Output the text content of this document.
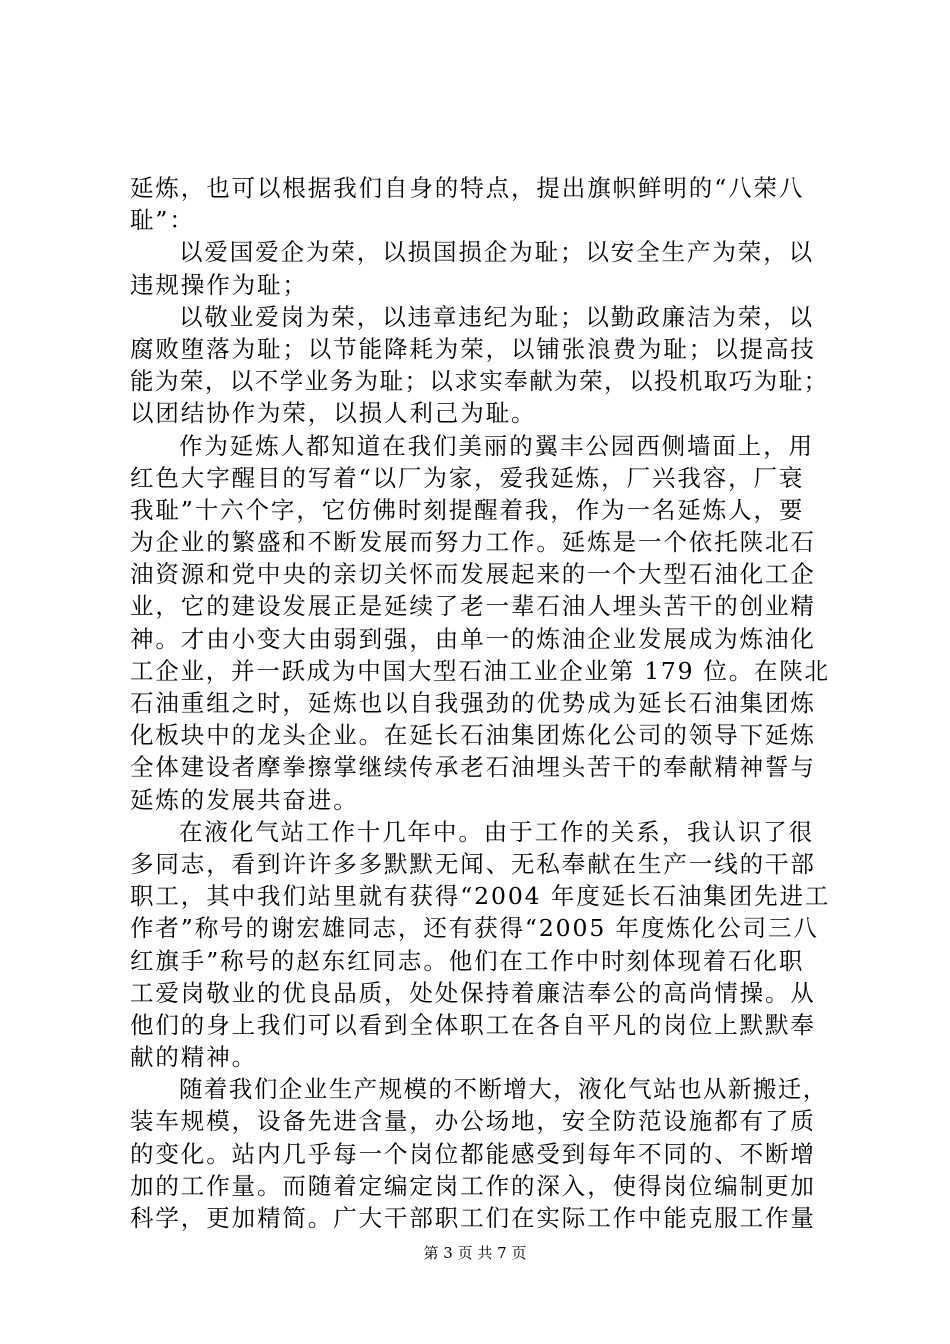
延炼，也可以根据我们自身的特点，提出旗帜鲜明的“八荣八
耻”：
以爱国爱企为荣，以损国损企为耻；以安全生产为荣，以
违规操作为耻；
以敬业爱岗为荣，以违章违纪为耻；以勤政廉洁为荣，以
腐败堕落为耻；以节能降耗为荣，以铺张浪费为耻；以提高技
能为荣，以不学业务为耻；以求实奉献为荣，以投机取巧为耻；
以团结协作为荣，以损人利己为耻。
作为延炼人都知道在我们美丽的翼丰公园西侧墙面上，用
红色大字醒目的写着“以厂为家，爱我延炼，厂兴我容，厂衰
我耻”十六个字，它仿佛时刻提醒着我，作为一名延炼人，要
为企业的繁盛和不断发展而努力工作。延炼是一个依托陕北石
油资源和党中央的亲切关怀而发展起来的一个大型石油化工企
业，它的建设发展正是延续了老一辈石油人埋头苦干的创业精
神。才由小变大由弱到强，由单一的炼油企业发展成为炼油化
工企业，并一跃成为中国大型石油工业企业第 179 位。在陕北
石油重组之时，延炼也以自我强劲的优势成为延长石油集团炼
化板块中的龙头企业。在延长石油集团炼化公司的领导下延炼
全体建设者摩拳擦掌继续传承老石油埋头苦干的奉献精神誓与
延炼的发展共奋进。
在液化气站工作十几年中。由于工作的关系，我认识了很
多同志，看到许许多多默默无闻、无私奉献在生产一线的干部
职工，其中我们站里就有获得“2004 年度延长石油集团先进工
作者”称号的谢宏雄同志，还有获得“2005 年度炼化公司三八
红旗手”称号的赵东红同志。他们在工作中时刻体现着石化职
工爱岗敬业的优良品质，处处保持着廉洁奉公的高尚情操。从
他们的身上我们可以看到全体职工在各自平凡的岗位上默默奉
献的精神。
随着我们企业生产规模的不断增大，液化气站也从新搬迁，
装车规模，设备先进含量，办公场地，安全防范设施都有了质
的变化。站内几乎每一个岗位都能感受到每年不同的、不断增
加的工作量。而随着定编定岗工作的深入，使得岗位编制更加
科学，更加精简。广大干部职工们在实际工作中能克服工作量
第 3 页 共 7 页
